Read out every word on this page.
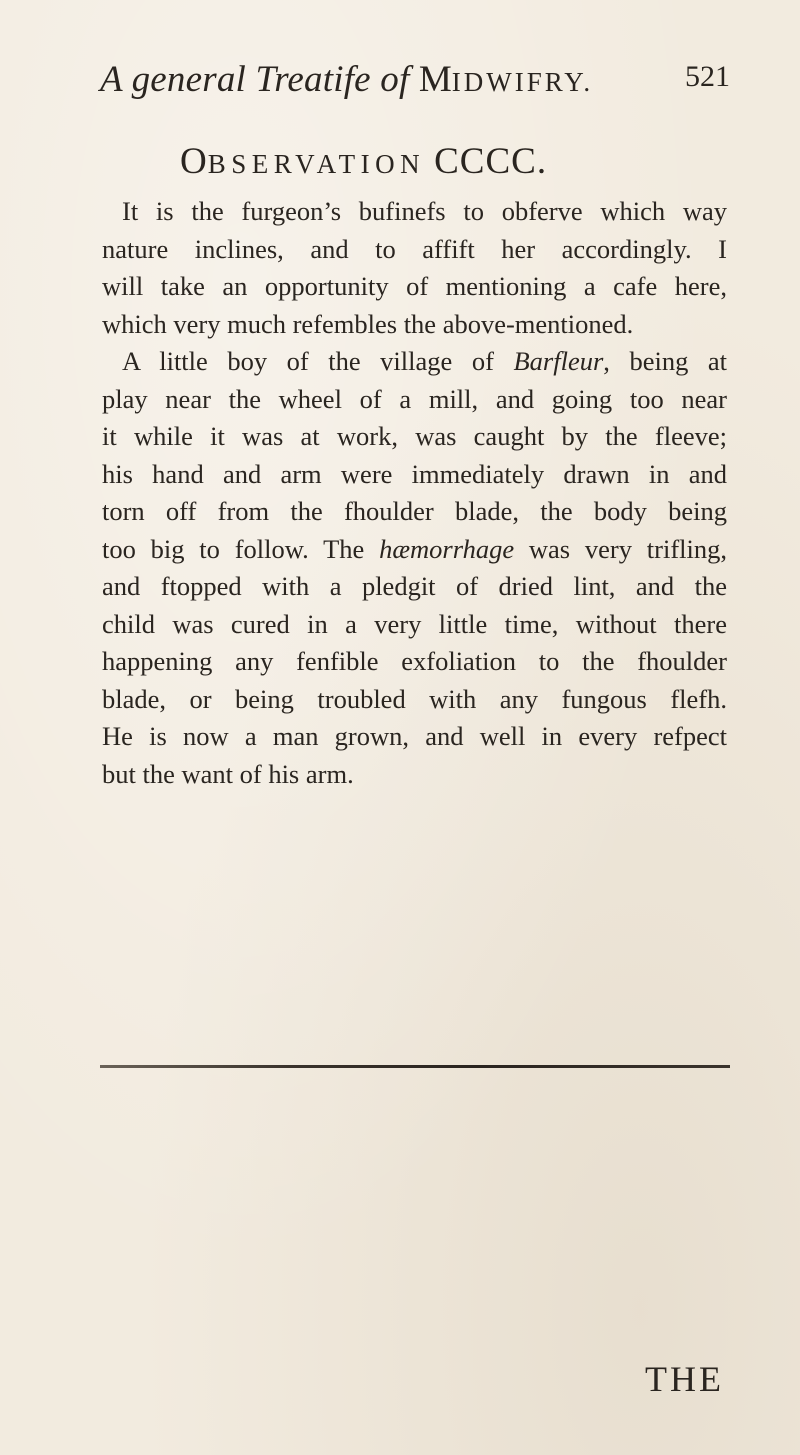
A general Treatife of MIDWIFRY.	521
OBSERVATION CCCC.
It is the furgeon’s bufinefs to obferve which way
nature inclines, and to affift her accordingly. I
will take an opportunity of mentioning a cafe here,
which very much refembles the above-mentioned.
A little boy of the village of Barfleur, being at
play near the wheel of a mill, and going too near
it while it was at work, was caught by the fleeve;
his hand and arm were immediately drawn in and
torn off from the fhoulder blade, the body being
too big to follow. The hæmorrhage was very trifling,
and ftopped with a pledgit of dried lint, and the
child was cured in a very little time, without there
happening any fenfible exfoliation to the fhoulder
blade, or being troubled with any fungous flefh.
He is now a man grown, and well in every refpect
but the want of his arm.
THE
